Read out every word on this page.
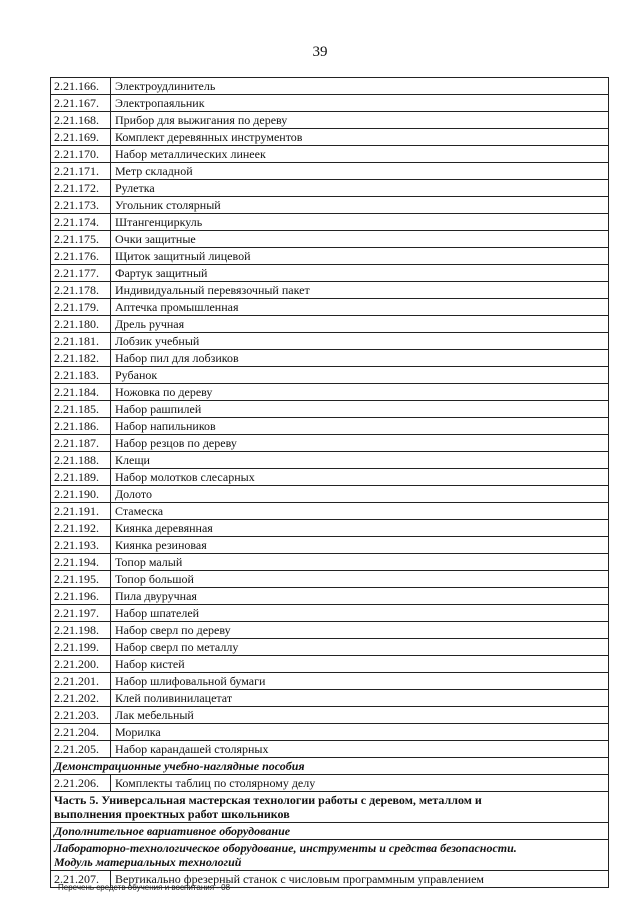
39
2.21.166.	Электроудлинитель
2.21.167.	Электропаяльник
2.21.168.	Прибор для выжигания по дереву
2.21.169.	Комплект деревянных инструментов
2.21.170.	Набор металлических линеек
2.21.171.	Метр складной
2.21.172.	Рулетка
2.21.173.	Угольник столярный
2.21.174.	Штангенциркуль
2.21.175.	Очки защитные
2.21.176.	Щиток защитный лицевой
2.21.177.	Фартук защитный
2.21.178.	Индивидуальный перевязочный пакет
2.21.179.	Аптечка промышленная
2.21.180.	Дрель ручная
2.21.181.	Лобзик учебный
2.21.182.	Набор пил для лобзиков
2.21.183.	Рубанок
2.21.184.	Ножовка по дереву
2.21.185.	Набор рашпилей
2.21.186.	Набор напильников
2.21.187.	Набор резцов по дереву
2.21.188.	Клещи
2.21.189.	Набор молотков слесарных
2.21.190.	Долото
2.21.191.	Стамеска
2.21.192.	Киянка деревянная
2.21.193.	Киянка резиновая
2.21.194.	Топор малый
2.21.195.	Топор большой
2.21.196.	Пила двуручная
2.21.197.	Набор шпателей
2.21.198.	Набор сверл по дереву
2.21.199.	Набор сверл по металлу
2.21.200.	Набор кистей
2.21.201.	Набор шлифовальной бумаги
2.21.202.	Клей поливинилацетат
2.21.203.	Лак мебельный
2.21.204.	Морилка
2.21.205.	Набор карандашей столярных
Демонстрационные учебно-наглядные пособия	
2.21.206.	Комплекты таблиц по столярному делу

Часть 5. Универсальная мастерская технологии работы с деревом, металлом и
выполнения проектных работ школьников	

Дополнительное вариативное оборудование	

Лабораторно-технологическое оборудование, инструменты и средства безопасности.
Модуль материальных технологий	

2.21.207.	Вертикально фрезерный станок с числовым программным управлением
Перечень средств обучения и воспитания - 08
